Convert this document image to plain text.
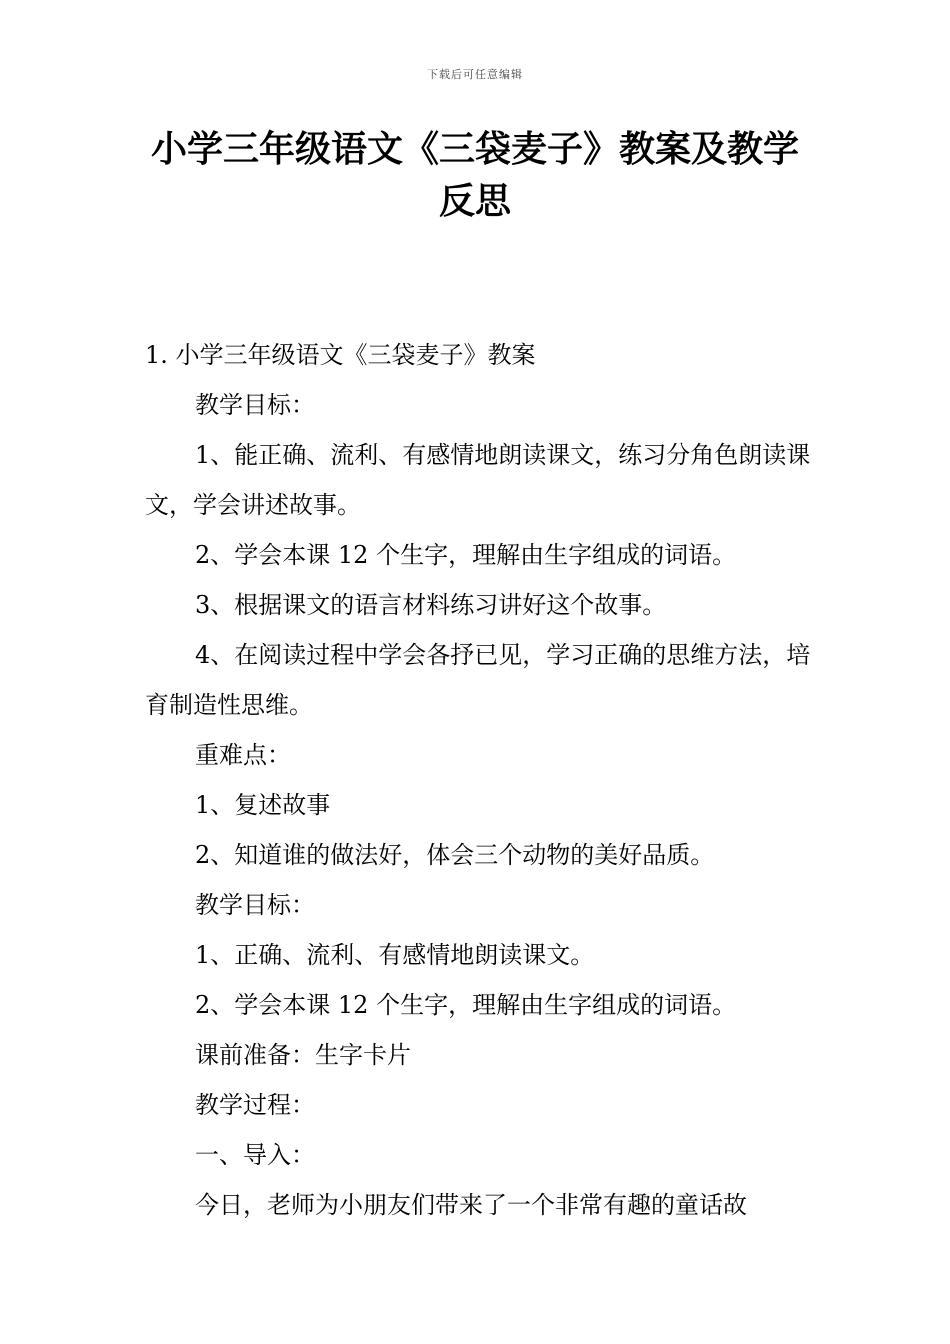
下载后可任意编辑
小学三年级语文《三袋麦子》教案及教学
反思

1. 小学三年级语文《三袋麦子》教案

教学目标：

1、能正确、流利、有感情地朗读课文，练习分角色朗读课文，学会讲述故事。

2、学会本课 12 个生字，理解由生字组成的词语。

3、根据课文的语言材料练习讲好这个故事。

4、在阅读过程中学会各抒已见，学习正确的思维方法，培育制造性思维。

重难点：

1、复述故事

2、知道谁的做法好，体会三个动物的美好品质。

教学目标：

1、正确、流利、有感情地朗读课文。

2、学会本课 12 个生字，理解由生字组成的词语。

课前准备：生字卡片

教学过程：

一、导入：

今日，老师为小朋友们带来了一个非常有趣的童话故
